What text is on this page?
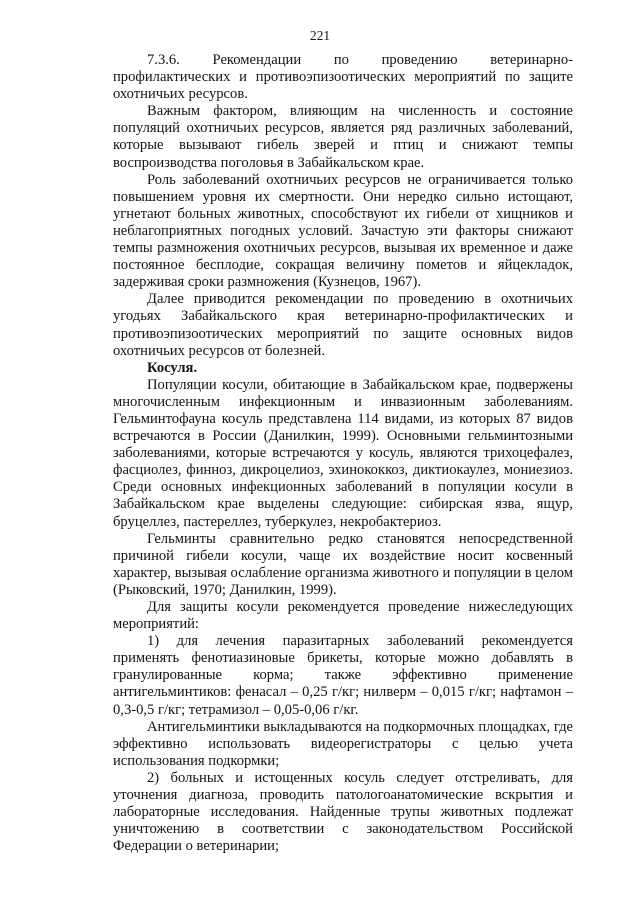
221

7.3.6. Рекомендации по проведению ветеринарно-профилактических и противоэпизоотических мероприятий по защите охотничьих ресурсов.

Важным фактором, влияющим на численность и состояние популяций охотничьих ресурсов, является ряд различных заболеваний, которые вызывают гибель зверей и птиц и снижают темпы воспроизводства поголовья в Забайкальском крае.

Роль заболеваний охотничьих ресурсов не ограничивается только повышением уровня их смертности. Они нередко сильно истощают, угнетают больных животных, способствуют их гибели от хищников и неблагоприятных погодных условий. Зачастую эти факторы снижают темпы размножения охотничьих ресурсов, вызывая их временное и даже постоянное бесплодие, сокращая величину пометов и яйцекладок, задерживая сроки размножения (Кузнецов, 1967).

Далее приводится рекомендации по проведению в охотничьих угодьях Забайкальского края ветеринарно-профилактических и противоэпизоотических мероприятий по защите основных видов охотничьих ресурсов от болезней.

Косуля.

Популяции косули, обитающие в Забайкальском крае, подвержены многочисленным инфекционным и инвазионным заболеваниям. Гельминтофауна косуль представлена 114 видами, из которых 87 видов встречаются в России (Данилкин, 1999). Основными гельминтозными заболеваниями, которые встречаются у косуль, являются трихоцефалез, фасциолез, финноз, дикроцелиоз, эхинококкоз, диктиокаулез, мониезиоз. Среди основных инфекционных заболеваний в популяции косули в Забайкальском крае выделены следующие: сибирская язва, ящур, бруцеллез, пастереллез, туберкулез, некробактериоз.

Гельминты сравнительно редко становятся непосредственной причиной гибели косули, чаще их воздействие носит косвенный характер, вызывая ослабление организма животного и популяции в целом (Рыковский, 1970; Данилкин, 1999).

Для защиты косули рекомендуется проведение нижеследующих мероприятий:

1) для лечения паразитарных заболеваний рекомендуется применять фенотиазиновые брикеты, которые можно добавлять в гранулированные корма; также эффективно применение антигельминтиков: фенасал – 0,25 г/кг; нилверм – 0,015 г/кг; нафтамон – 0,3-0,5 г/кг; тетрамизол – 0,05-0,06 г/кг.

Антигельминтики выкладываются на подкормочных площадках, где эффективно использовать видеорегистраторы с целью учета использования подкормки;

2) больных и истощенных косуль следует отстреливать, для уточнения диагноза, проводить патологоанатомические вскрытия и лабораторные исследования. Найденные трупы животных подлежат уничтожению в соответствии с законодательством Российской Федерации о ветеринарии;
